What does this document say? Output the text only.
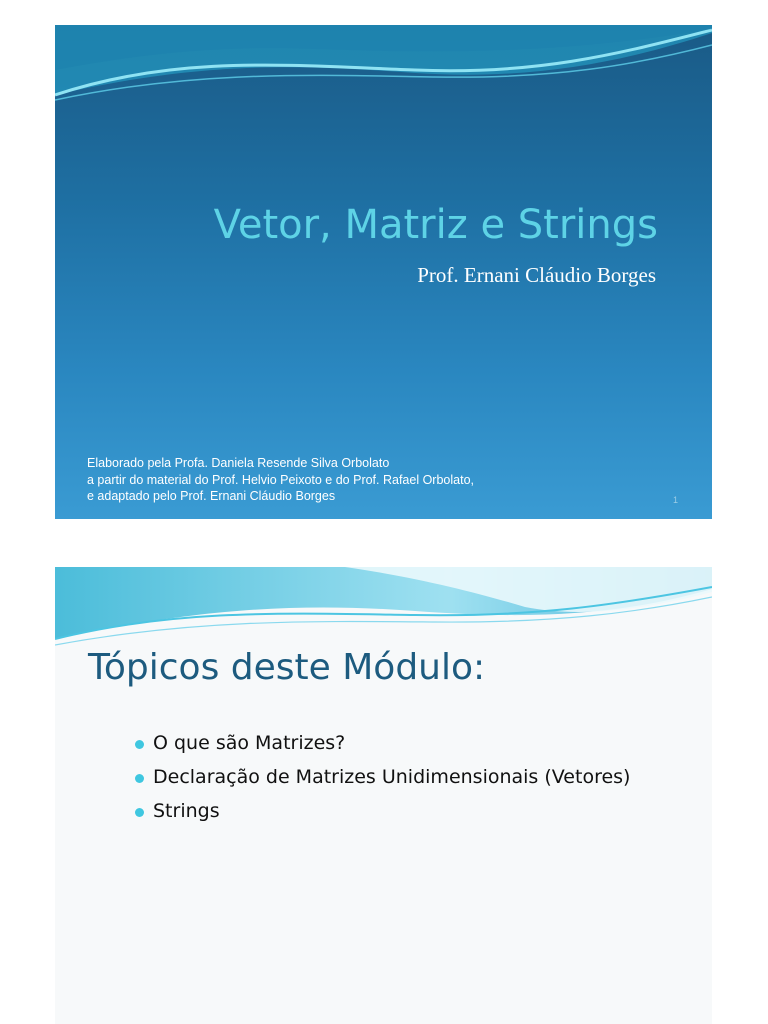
Vetor, Matriz e Strings
Prof. Ernani Cláudio Borges
Elaborado pela Profa. Daniela Resende Silva Orbolato
a partir do material do Prof. Helvio Peixoto e do Prof. Rafael Orbolato,
e adaptado pelo Prof. Ernani Cláudio Borges	1
Tópicos deste Módulo:
O que são Matrizes?
Declaração de Matrizes Unidimensionais (Vetores)
Strings
